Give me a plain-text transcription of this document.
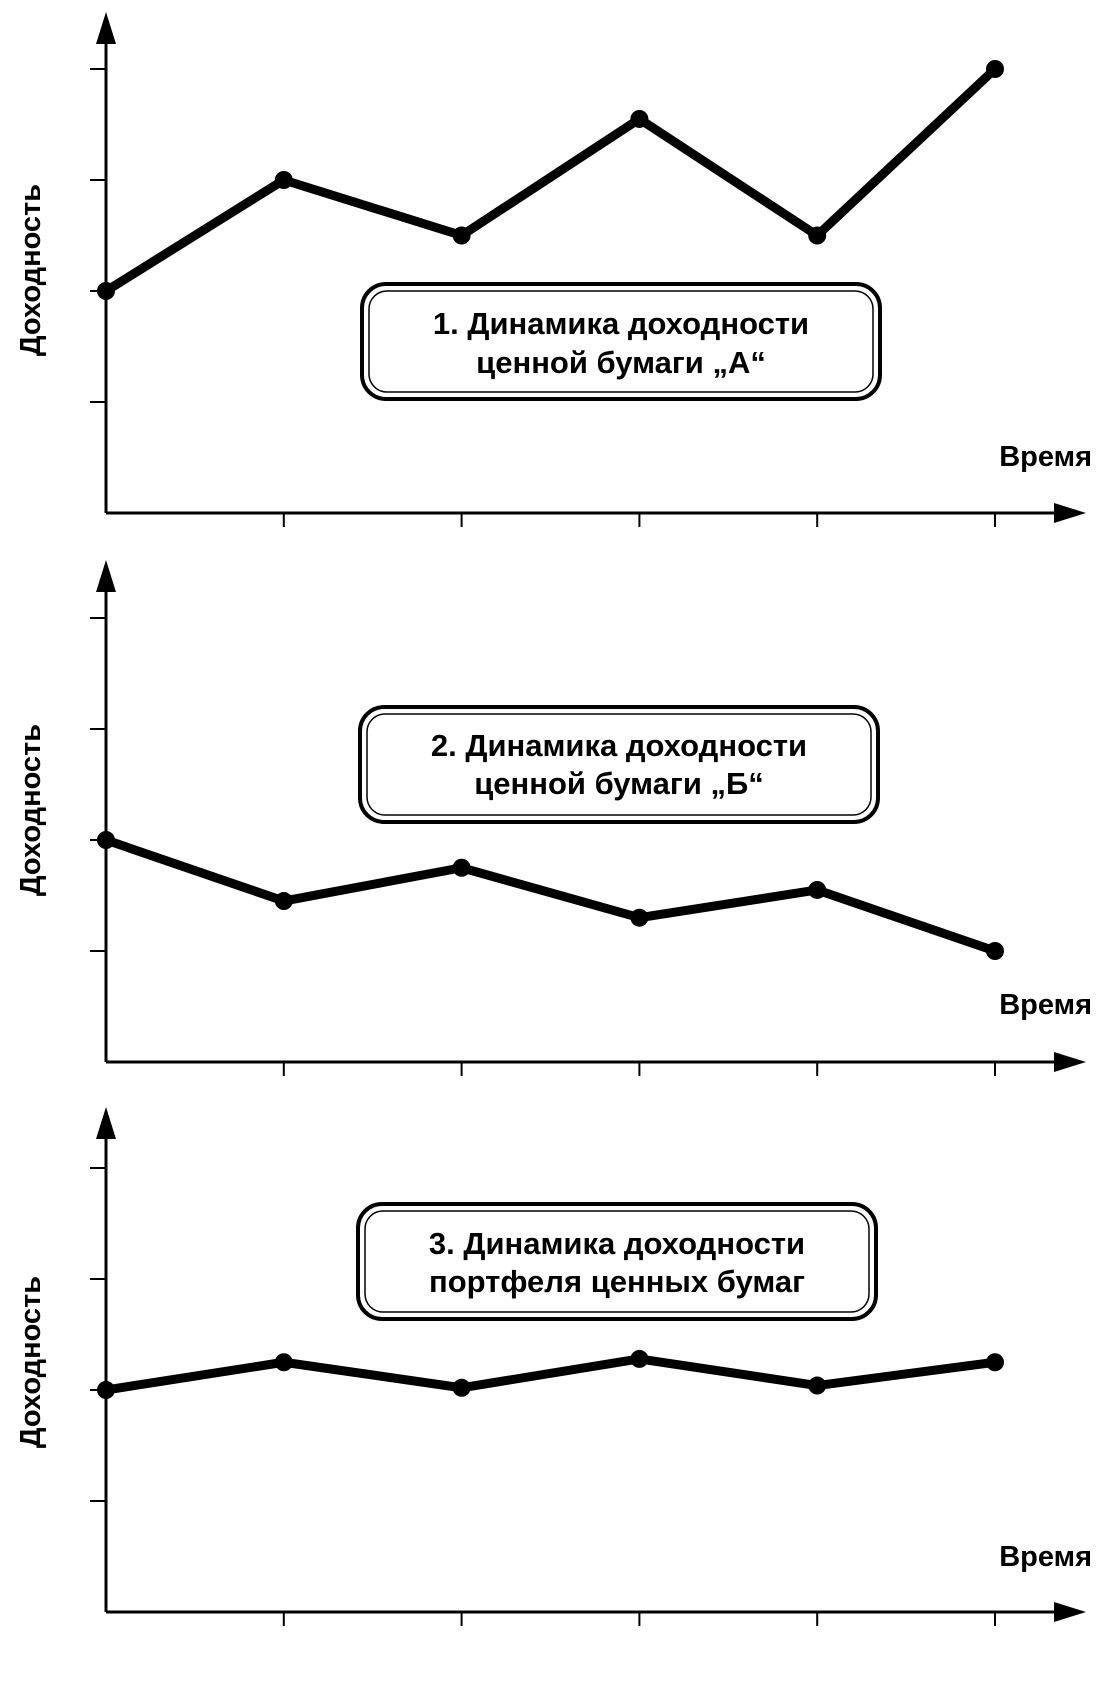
1. Динамика доходности
ценной бумаги „А“
Доходность
Время
2. Динамика доходности
ценной бумаги „Б“
Доходность
Время
3. Динамика доходности
портфеля ценных бумаг
Доходность
Время
